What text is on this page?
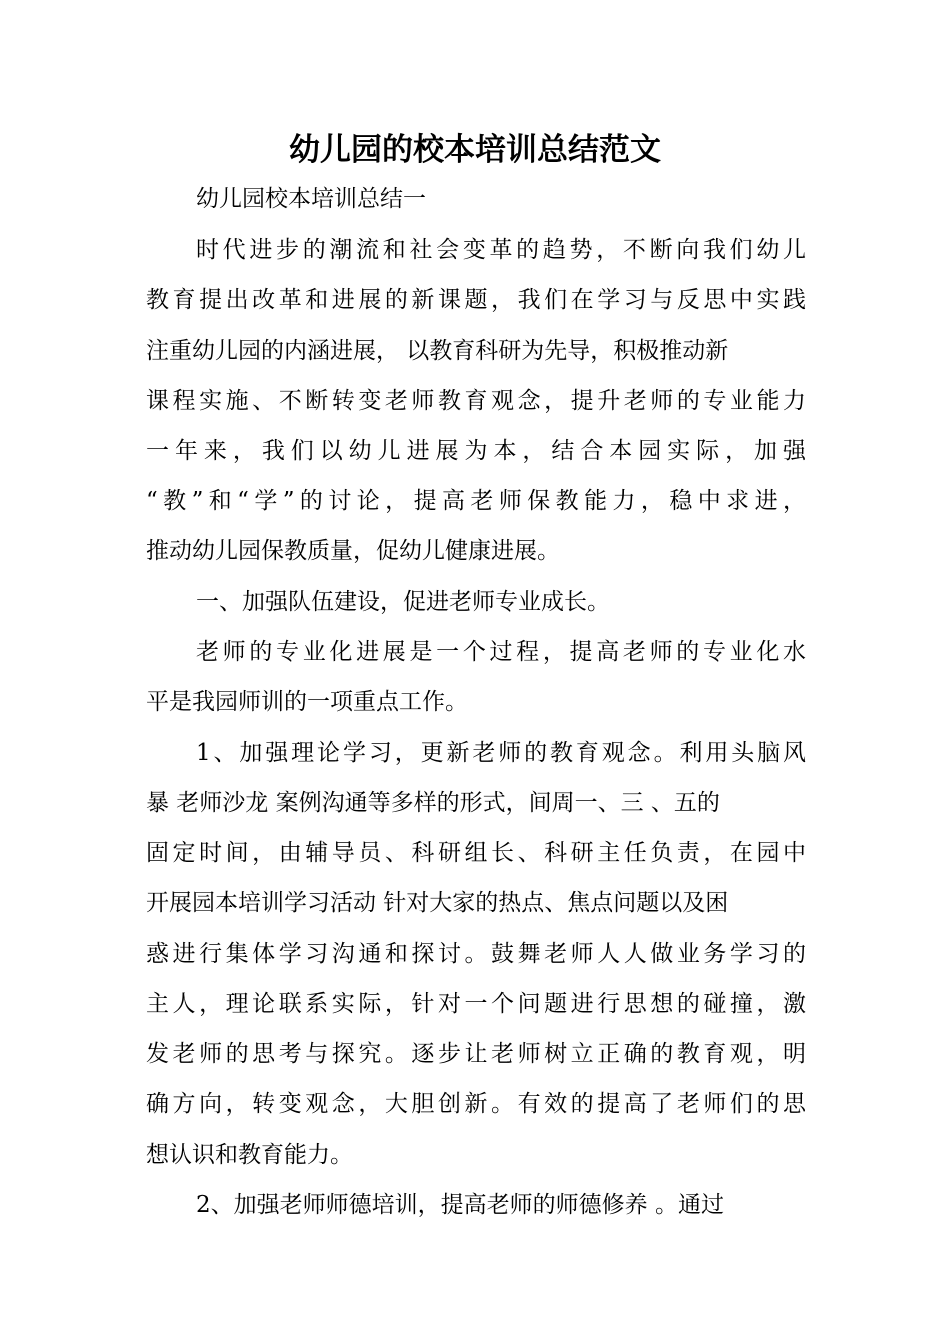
幼儿园的校本培训总结范文
幼儿园校本培训总结一
时代进步的潮流和社会变革的趋势，不断向我们幼儿
教育提出改革和进展的新课题，我们在学习与反思中实践
注重幼儿园的内涵进展， 以教育科研为先导，积极推动新
课程实施、不断转变老师教育观念，提升老师的专业能力
一年来，我们以幼儿进展为本，结合本园实际，加强
“教”和“学”的讨论，提高老师保教能力，稳中求进，
推动幼儿园保教质量，促幼儿健康进展。
一、加强队伍建设，促进老师专业成长。
老师的专业化进展是一个过程，提高老师的专业化水
平是我园师训的一项重点工作。
1、加强理论学习，更新老师的教育观念。利用头脑风
暴 老师沙龙 案例沟通等多样的形式，间周一、三 、五的
固定时间，由辅导员、科研组长、科研主任负责，在园中
开展园本培训学习活动 针对大家的热点、焦点问题以及困
惑进行集体学习沟通和探讨。鼓舞老师人人做业务学习的
主人，理论联系实际，针对一个问题进行思想的碰撞，激
发老师的思考与探究。逐步让老师树立正确的教育观，明
确方向，转变观念，大胆创新。有效的提高了老师们的思
想认识和教育能力。
2、加强老师师德培训，提高老师的师德修养 。通过
